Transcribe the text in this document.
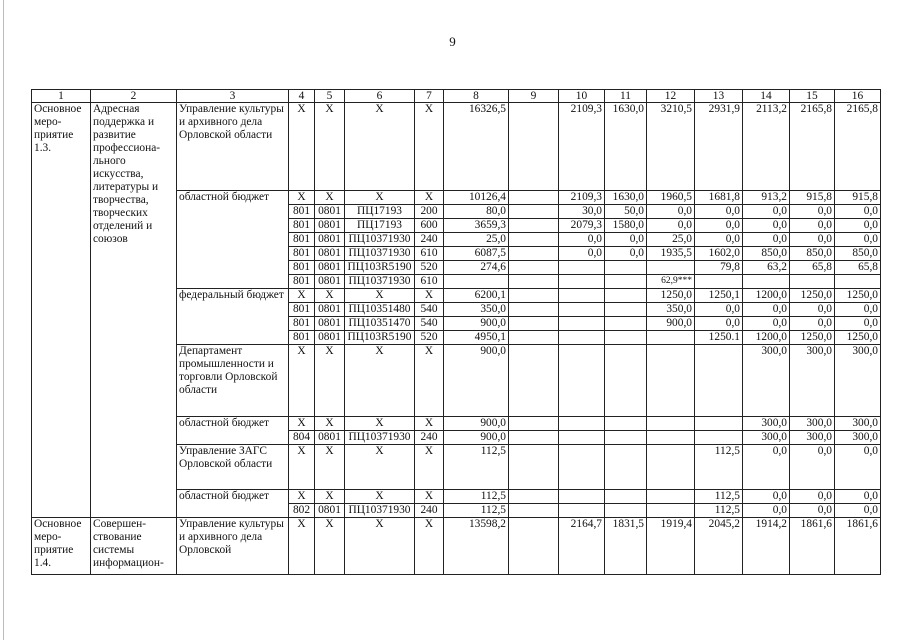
9
1	2	3	4	5	6	7	8	9	10	11	12	13	14	15	16
Основное меро-приятие 1.3.	Адресная поддержка и развитие профессиона-льного искусства, литературы и творчества, творческих отделений и союзов	Управление культуры и архивного дела Орловской области	X	X	X	X	16326,5		2109,3	1630,0	3210,5	2931,9	2113,2	2165,8	2165,8
		областной бюджет	X	X	X	X	10126,4		2109,3	1630,0	1960,5	1681,8	913,2	915,8	915,8
			801	0801	ПЦ17193	200	80,0		30,0	50,0	0,0	0,0	0,0	0,0	0,0
			801	0801	ПЦ17193	600	3659,3		2079,3	1580,0	0,0	0,0	0,0	0,0	0,0
			801	0801	ПЦ10371930	240	25,0		0,0	0,0	25,0	0,0	0,0	0,0	0,0
			801	0801	ПЦ10371930	610	6087,5		0,0	0,0	1935,5	1602,0	850,0	850,0	850,0
			801	0801	ПЦ103R5190	520	274,6					79,8	63,2	65,8	65,8
			801	0801	ПЦ10371930	610					62,9***				
		федеральный бюджет	X	X	X	X	6200,1				1250,0	1250,1	1200,0	1250,0	1250,0
			801	0801	ПЦ10351480	540	350,0				350,0	0,0	0,0	0,0	0,0
			801	0801	ПЦ10351470	540	900,0				900,0	0,0	0,0	0,0	0,0
			801	0801	ПЦ103R5190	520	4950,1					1250.1	1200,0	1250,0	1250,0
		Департамент промышленности и торговли Орловской области	X	X	X	X	900,0						300,0	300,0	300,0
		областной бюджет	X	X	X	X	900,0						300,0	300,0	300,0
			804	0801	ПЦ10371930	240	900,0						300,0	300,0	300,0
		Управление ЗАГС Орловской области	X	X	X	X	112,5					112,5	0,0	0,0	0,0
		областной бюджет	X	X	X	X	112,5					112,5	0,0	0,0	0,0
			802	0801	ПЦ10371930	240	112,5					112,5	0,0	0,0	0,0
Основное меро-приятие 1.4.	Совершен-ствование системы информацион-	Управление культуры и архивного дела Орловской	X	X	X	X	13598,2		2164,7	1831,5	1919,4	2045,2	1914,2	1861,6	1861,6
